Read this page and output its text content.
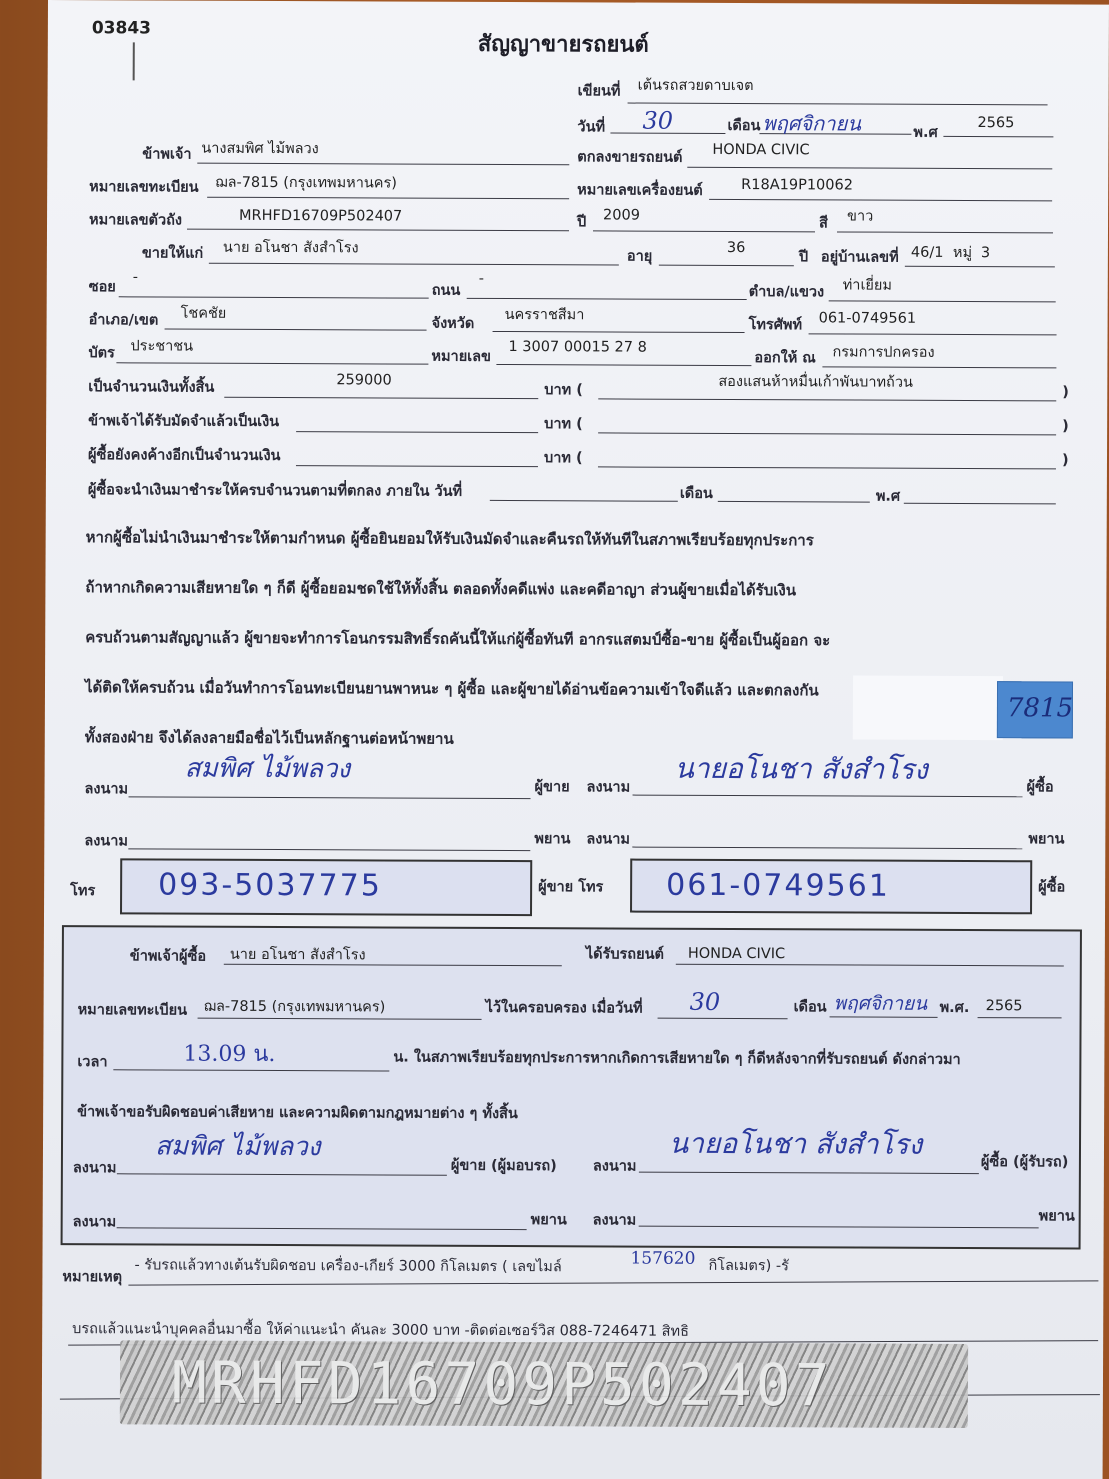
03843
สัญญาขายรถยนต์
เขียนที่ เต้นรถสวยดาบเจต
วันที่ 30	เดือน พฤศจิกายน	พ.ศ
2565
ข้าพเจ้า นางสมพิศ ไม้พลวง
ตกลงขายรถยนต์ HONDA CIVIC
หมายเลขทะเบียน ฌล-7815 (กรุงเทพมหานคร)	หมายเลขเครื่องยนต์	R18A19P10062
หมายเลขตัวถัง	MRHFD16709P502407	ปี 2009	สี ขาว
ขายให้แก่ นาย อโนชา สังสำโรง
อายุ
36
ปี อยู่บ้านเลขที่ 46/1 หมู่ 3
ซอย
-
ถนน
-
ตำบล/แขวง ท่าเยี่ยม
อำเภอ/เขต โชคชัย
จังหวัด
นครราชสีมา
โทรศัพท์ 061-0749561
บัตร ประชาชน
หมายเลข
1 3007 00015 27 8
ออกให้ ณ กรมการปกครอง
เป็นจำนวนเงินทั้งสิ้น	259000
บาท (	สองแสนห้าหมื่นเก้าพันบาทถ้วน
)
ข้าพเจ้าได้รับมัดจำแล้วเป็นเงิน	บาท (	)
ผู้ซื้อยังคงค้างอีกเป็นจำนวนเงิน	บาท (	)
ผู้ซื้อจะนำเงินมาชำระให้ครบจำนวนตามที่ตกลง ภายใน วันที่	เดือน	พ.ศ
หากผู้ซื้อไม่นำเงินมาชำระให้ตามกำหนด ผู้ซื้อยินยอมให้รับเงินมัดจำและคืนรถให้ทันทีในสภาพเรียบร้อยทุกประการ
ถ้าหากเกิดความเสียหายใด ๆ ก็ดี ผู้ซื้อยอมชดใช้ให้ทั้งสิ้น ตลอดทั้งคดีแพ่ง และคดีอาญา ส่วนผู้ขายเมื่อได้รับเงิน
ครบถ้วนตามสัญญาแล้ว ผู้ขายจะทำการโอนกรรมสิทธิ์รถคันนี้ให้แก่ผู้ซื้อทันที อากรแสตมป์ซื้อ-ขาย ผู้ซื้อเป็นผู้ออก จะ
ได้ติดให้ครบถ้วน เมื่อวันทำการโอนทะเบียนยานพาหนะ ๆ ผู้ซื้อ และผู้ขายได้อ่านข้อความเข้าใจดีแล้ว และตกลงกัน
ทั้งสองฝ่าย จึงได้ลงลายมือชื่อไว้เป็นหลักฐานต่อหน้าพยาน
7815
ลงนาม
สมพิศ ไม้พลวง
ผู้ขาย ลงนาม
นายอโนชา สังสำโรง
ผู้ซื้อ
ลงนาม	พยาน ลงนาม	พยาน
โทร 093-5037775	ผู้ขาย โทร 061-0749561	ผู้ซื้อ
ข้าพเจ้าผู้ซื้อ นาย อโนชา สังสำโรง	ได้รับรถยนต์ HONDA CIVIC
หมายเลขทะเบียน ฌล-7815 (กรุงเทพมหานคร)	ไว้ในครอบครอง เมื่อวันที่ 30	เดือน พฤศจิกายน พ.ศ. 2565
เวลา	13.09 น.	น. ในสภาพเรียบร้อยทุกประการหากเกิดการเสียหายใด ๆ ก็ดีหลังจากที่รับรถยนต์ ดังกล่าวมา
ข้าพเจ้าขอรับผิดชอบค่าเสียหาย และความผิดตามกฎหมายต่าง ๆ ทั้งสิ้น
ลงนาม
สมพิศ ไม้พลวง
ผู้ขาย (ผู้มอบรถ) ลงนาม
นายอโนชา สังสำโรง
ผู้ซื้อ (ผู้รับรถ)
ลงนาม	พยาน ลงนาม	พยาน
หมายเหตุ
- รับรถแล้วทางเต้นรับผิดชอบ เครื่อง-เกียร์ 3000 กิโลเมตร ( เลขไมล์	157620 กิโลเมตร) -รั
บรถแล้วแนะนำบุคคลอื่นมาซื้อ ให้ค่าแนะนำ คันละ 3000 บาท -ติดต่อเซอร์วิส 088-7246471 สิทธิ
MRHFD16709P502407
